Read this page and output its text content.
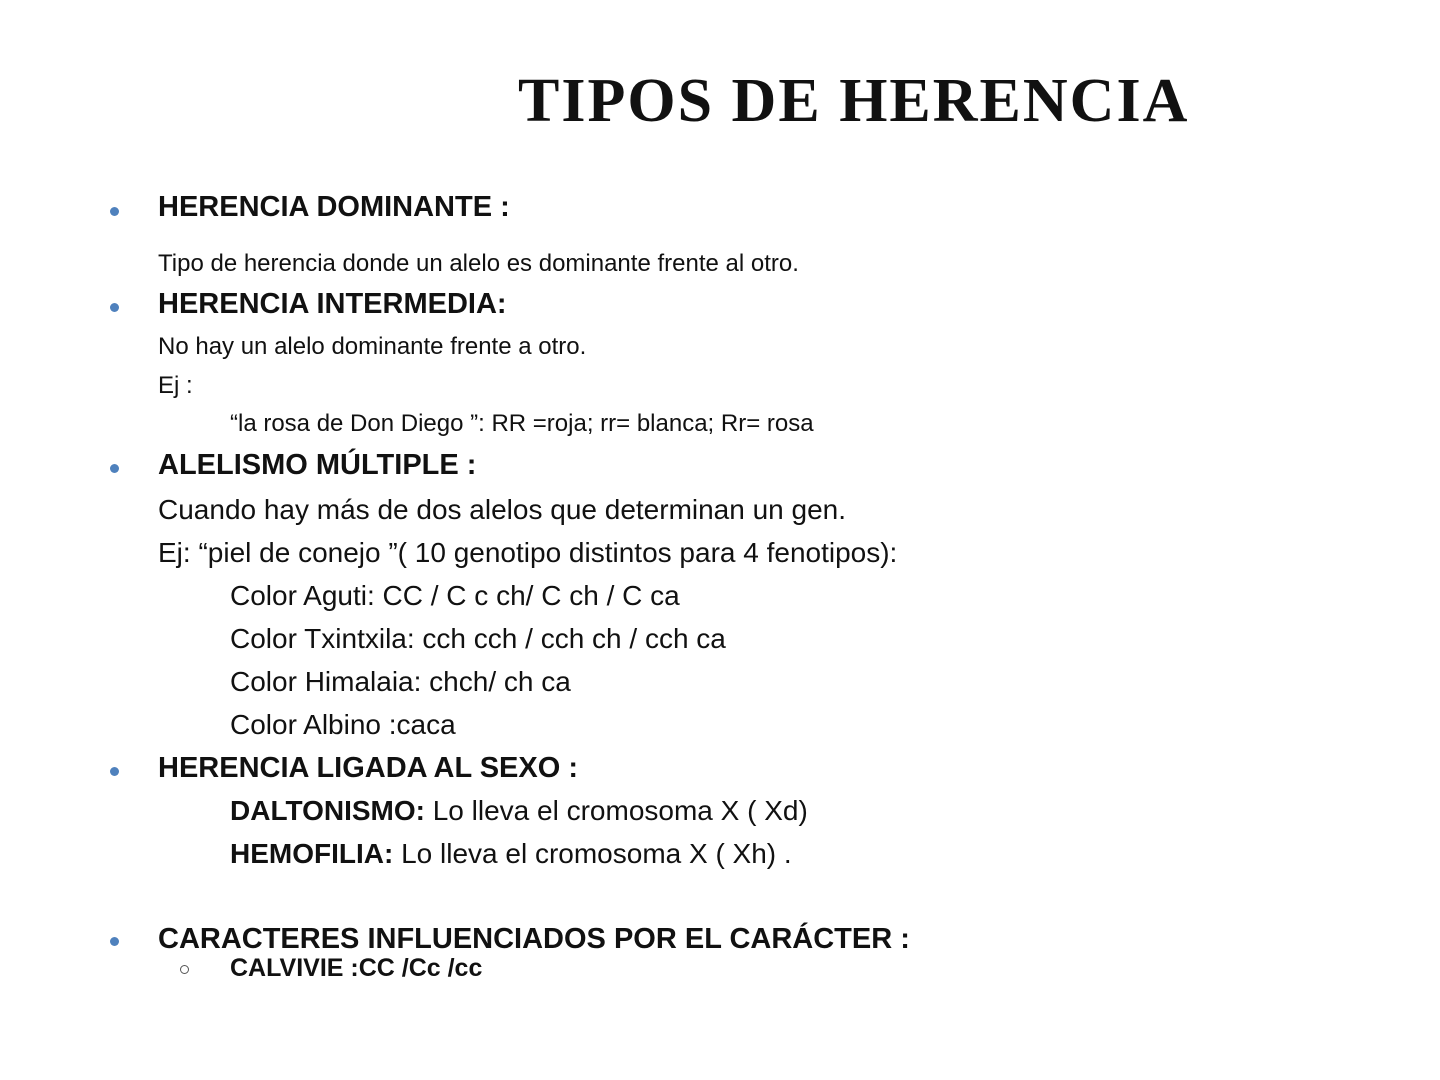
TIPOS DE HERENCIA
HERENCIA DOMINANTE :
Tipo de herencia donde un alelo es dominante frente al otro.
HERENCIA INTERMEDIA:
No hay un alelo dominante frente a otro.
Ej :
“la rosa de Don Diego ”: RR =roja; rr= blanca; Rr= rosa
ALELISMO MÚLTIPLE :
Cuando hay más de dos alelos que determinan un gen.
Ej: “piel de conejo ”( 10 genotipo distintos para 4 fenotipos):
Color Aguti: CC / C c ch/ C ch / C ca
Color Txintxila: cch cch / cch ch / cch ca
Color Himalaia: chch/ ch ca
Color Albino :caca
HERENCIA LIGADA AL SEXO :
DALTONISMO: Lo lleva el cromosoma X ( Xd)
HEMOFILIA: Lo lleva el cromosoma X ( Xh) .
CARACTERES INFLUENCIADOS POR EL CARÁCTER :
CALVIVIE :CC /Cc /cc
